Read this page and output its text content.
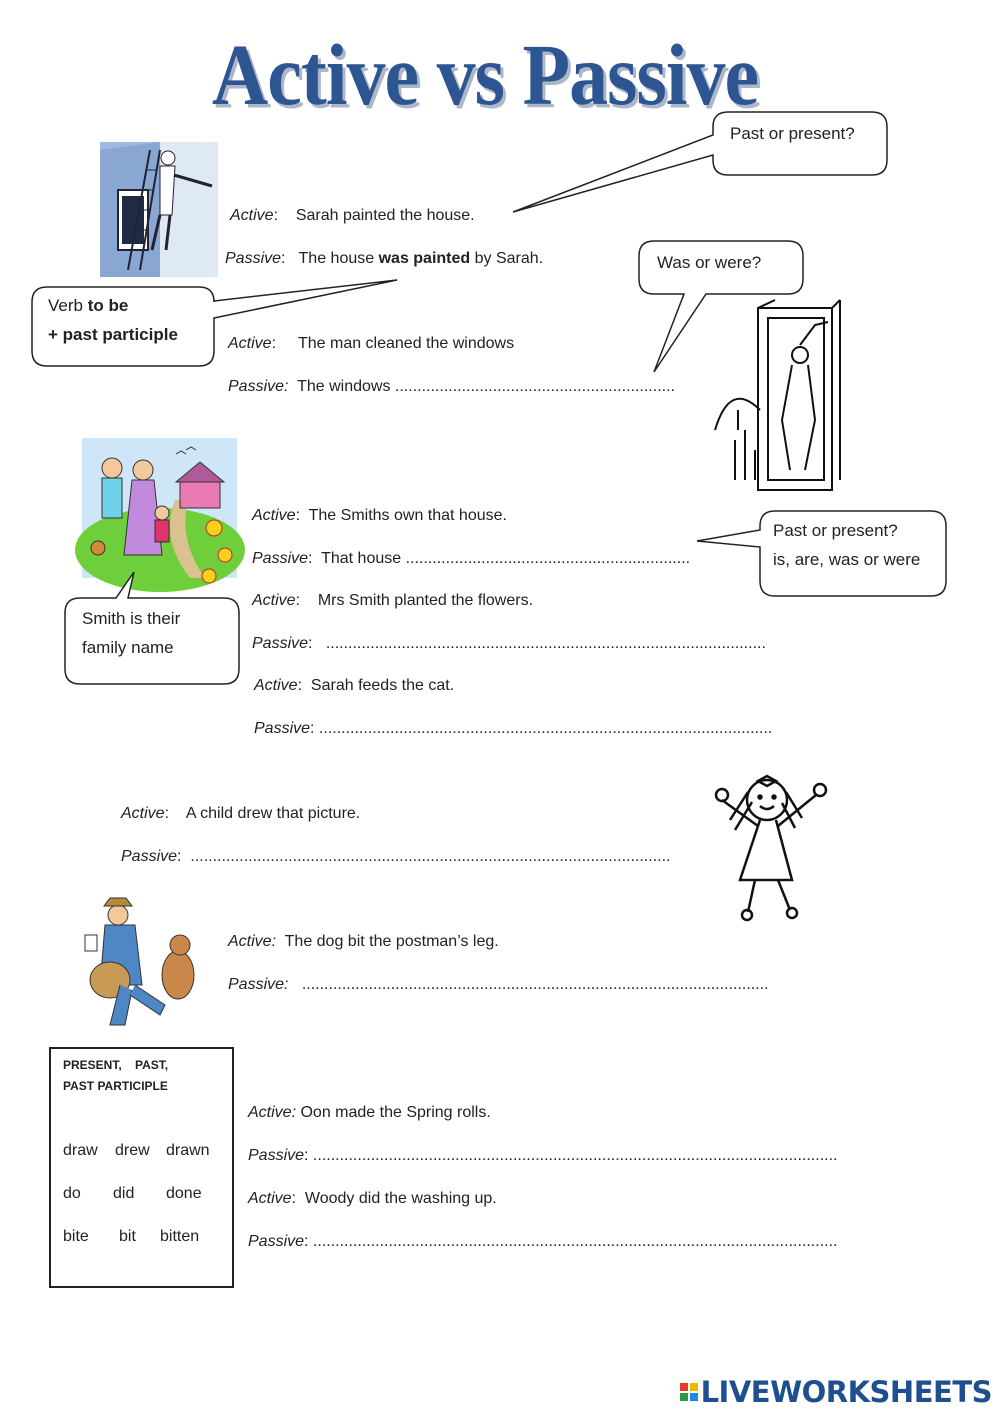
Active vs Passive
Past or present?
Was or were?
Verb to be
+ past participle
Past or present?
is, are, was or were
Smith is their
family name
Active:    Sarah painted the house.
Passive:   The house was painted by Sarah.
Active:     The man cleaned the windows
Passive: The windows ...............................................................
Active:  The Smiths own that house.
Passive:  That house ................................................................
Active:    Mrs Smith planted the flowers.
Passive:   ...................................................................................................
Active:  Sarah feeds the cat.
Passive: ......................................................................................................
Active:    A child drew that picture.
Passive:  ............................................................................................................
Active: The dog bit the postman’s leg.
Passive: .........................................................................................................
Active: Oon made the Spring rolls.
Passive: ......................................................................................................................
Active:  Woody did the washing up.
Passive: ......................................................................................................................
PRESENT,    PAST,
PAST PARTICIPLE
draw drew drawn
do did done
bite bit bitten
LIVEWORKSHEETS
